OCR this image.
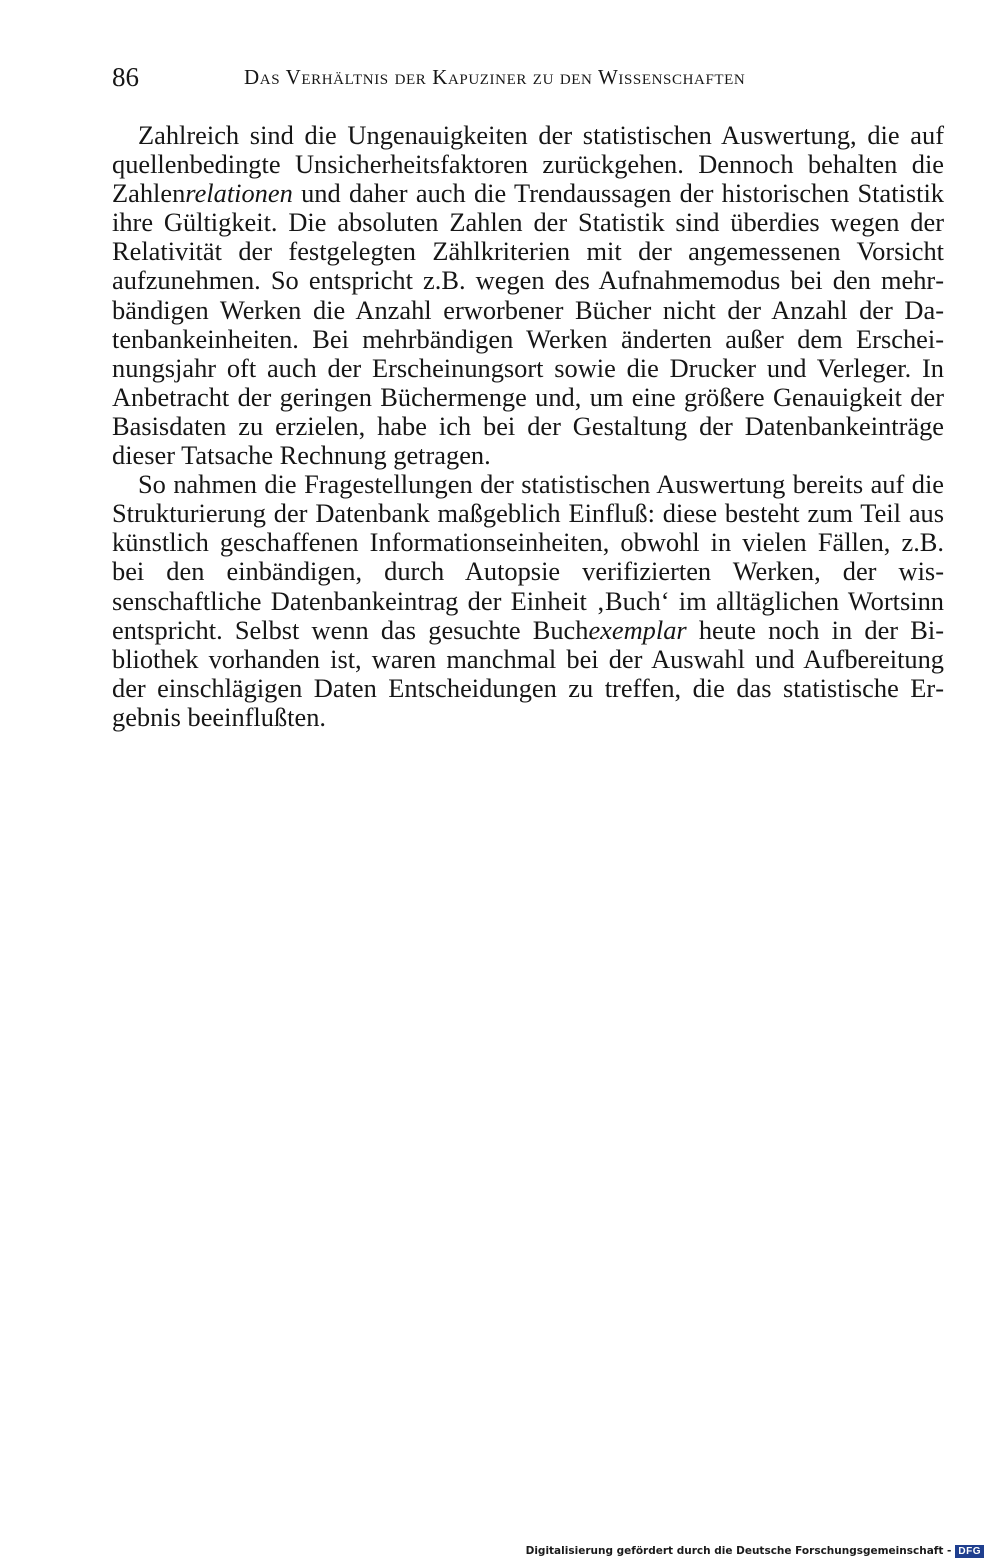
86	Das Verhältnis der Kapuziner zu den Wissenschaften

Zahlreich sind die Ungenauigkeiten der statistischen Auswertung, die auf quellenbedingte Unsicherheitsfaktoren zurückgehen. Dennoch behalten die Zahlenrelationen und daher auch die Trendaussagen der historischen Statistik ihre Gültigkeit. Die absoluten Zahlen der Statistik sind überdies wegen der Relativität der festgelegten Zählkriterien mit der angemessenen Vorsicht aufzunehmen. So entspricht z.B. wegen des Aufnahmemodus bei den mehrbändigen Werken die Anzahl erworbener Bücher nicht der Anzahl der Datenbankeinheiten. Bei mehrbändigen Werken änderten außer dem Erscheinungsjahr oft auch der Erscheinungsort sowie die Drucker und Verleger. In Anbetracht der geringen Büchermenge und, um eine größere Genauigkeit der Basisdaten zu erzielen, habe ich bei der Gestaltung der Datenbankeinträge dieser Tatsache Rechnung getragen.

So nahmen die Fragestellungen der statistischen Auswertung bereits auf die Strukturierung der Datenbank maßgeblich Einfluß: diese besteht zum Teil aus künstlich geschaffenen Informationseinheiten, obwohl in vielen Fällen, z.B. bei den einbändigen, durch Autopsie verifizierten Werken, der wissenschaftliche Datenbankeintrag der Einheit ‚Buch‘ im alltäglichen Wortsinn entspricht. Selbst wenn das gesuchte Buchexemplar heute noch in der Bibliothek vorhanden ist, waren manchmal bei der Auswahl und Aufbereitung der einschlägigen Daten Entscheidungen zu treffen, die das statistische Ergebnis beeinflußten.

Digitalisierung gefördert durch die Deutsche Forschungsgemeinschaft - DFG
